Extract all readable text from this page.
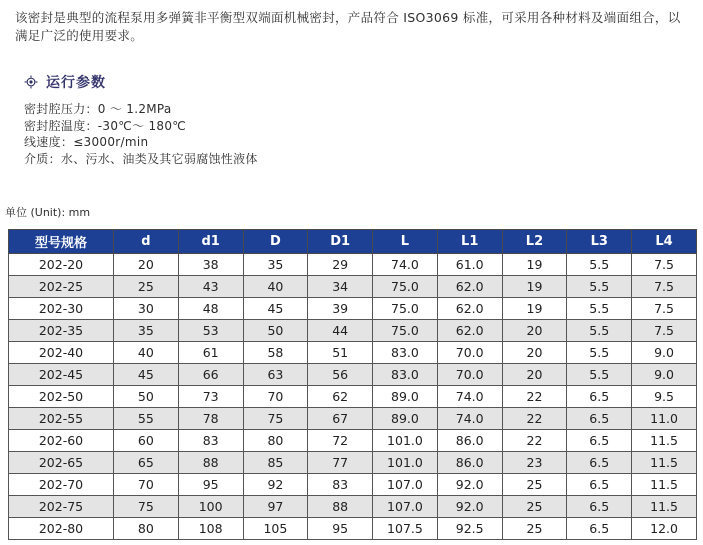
该密封是典型的流程泵用多弹簧非平衡型双端面机械密封，产品符合 ISO3069 标准，可采用各种材料及端面组合，以满足广泛的使用要求。

运行参数
密封腔压力：0 ～ 1.2MPa
密封腔温度：-30℃～ 180℃
线速度：≤3000r/min
介质：水、污水、油类及其它弱腐蚀性液体
单位 (Unit): mm
型号规格	d	d1	D	D1	L	L1	L2	L3	L4
202-20	20	38	35	29	74.0	61.0	19	5.5	7.5
202-25	25	43	40	34	75.0	62.0	19	5.5	7.5
202-30	30	48	45	39	75.0	62.0	19	5.5	7.5
202-35	35	53	50	44	75.0	62.0	20	5.5	7.5
202-40	40	61	58	51	83.0	70.0	20	5.5	9.0
202-45	45	66	63	56	83.0	70.0	20	5.5	9.0
202-50	50	73	70	62	89.0	74.0	22	6.5	9.5
202-55	55	78	75	67	89.0	74.0	22	6.5	11.0
202-60	60	83	80	72	101.0	86.0	22	6.5	11.5
202-65	65	88	85	77	101.0	86.0	23	6.5	11.5
202-70	70	95	92	83	107.0	92.0	25	6.5	11.5
202-75	75	100	97	88	107.0	92.0	25	6.5	11.5
202-80	80	108	105	95	107.5	92.5	25	6.5	12.0
